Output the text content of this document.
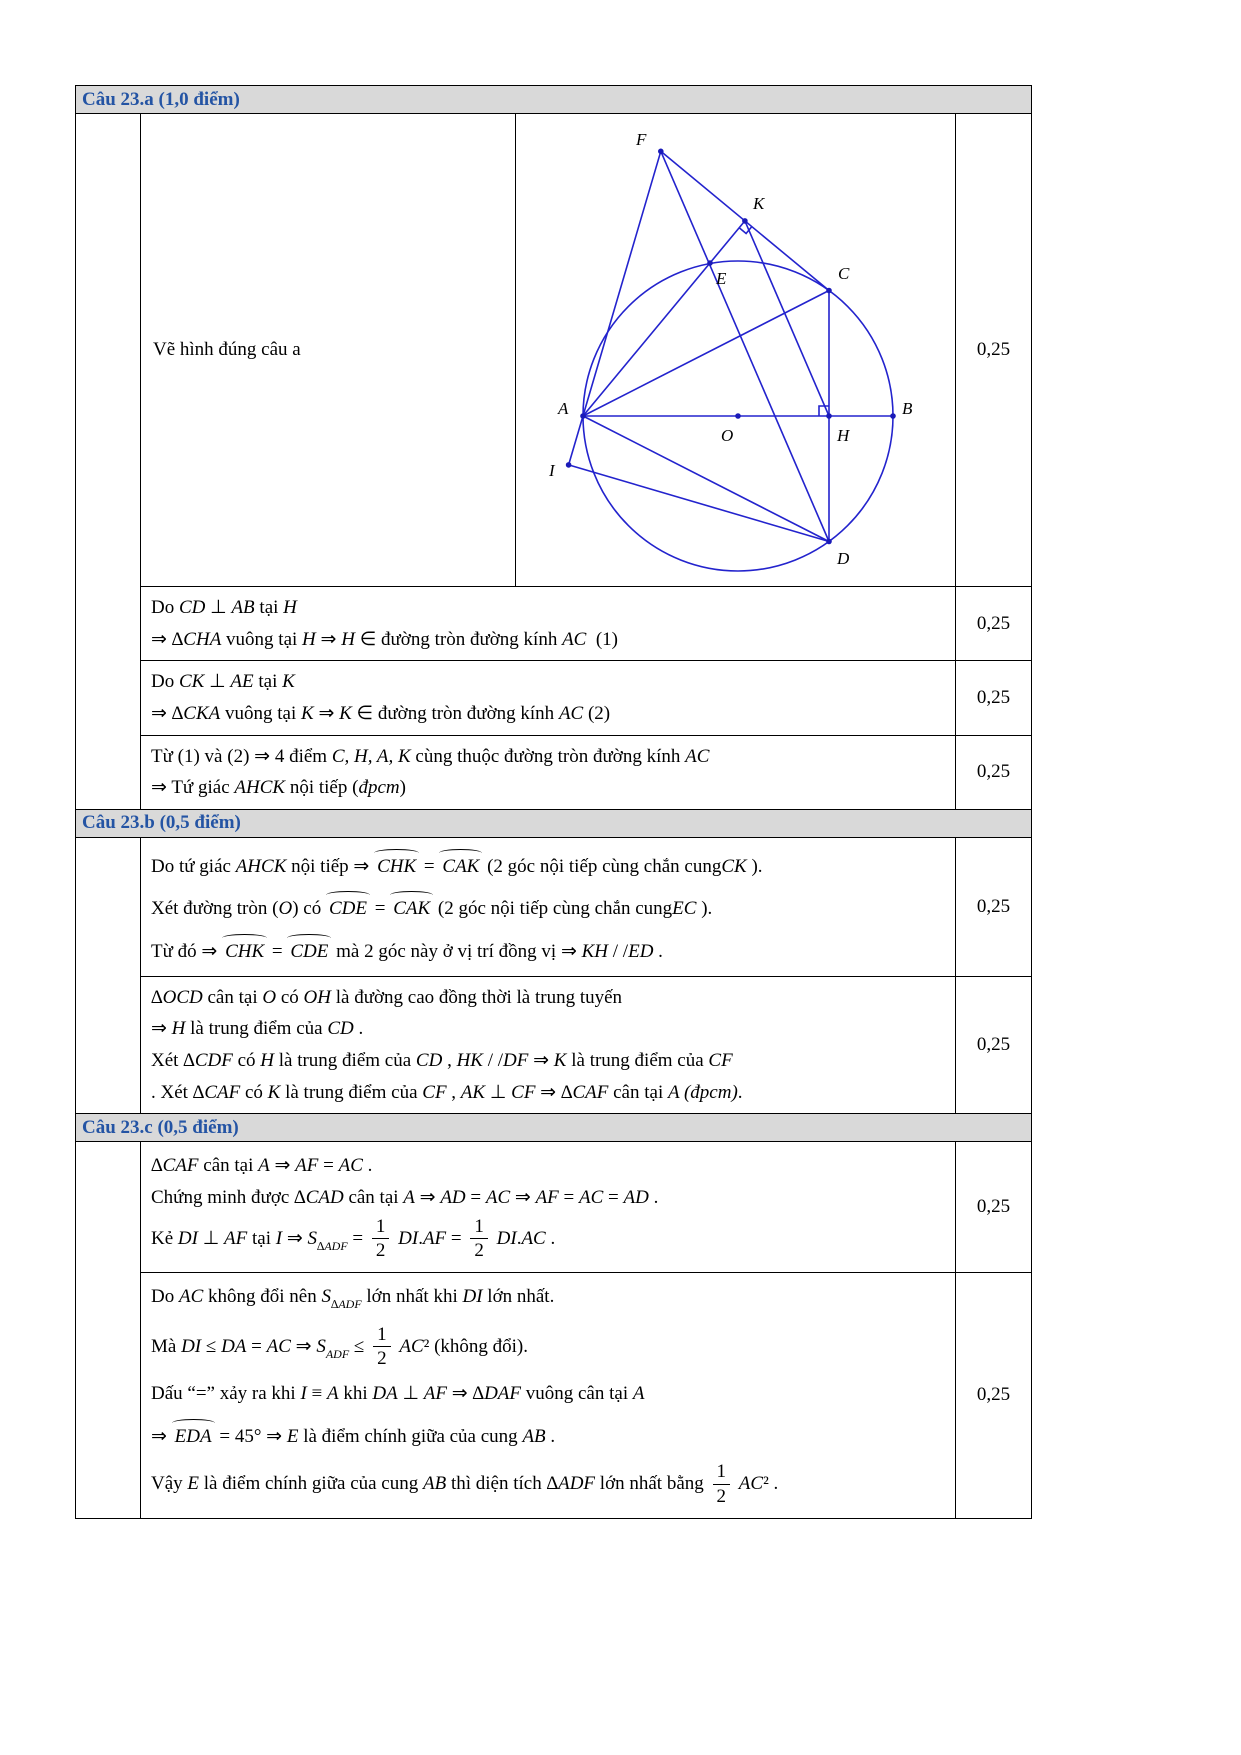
Câu 23.a (1,0 điểm)			
	Vẽ hình đúng câu a	
F
K
E	C
A
O	H
B
I
D
	0,25

	Do CD ⊥ AB tại H
⇒ ∆CHA vuông tại H ⇒ H ∈ đường tròn đường kính AC  (1)		0,25

	Do CK ⊥ AE tại K
⇒ ∆CKA vuông tại K ⇒ K ∈ đường tròn đường kính AC (2)		0,25

	Từ (1) và (2) ⇒ 4 điểm C, H, A, K cùng thuộc đường tròn đường kính AC
⇒ Tứ giác AHCK nội tiếp (đpcm)		0,25
Câu 23.b (0,5 điểm)			

	Do tứ giác AHCK nội tiếp ⇒ CHK = CAK (2 góc nội tiếp cùng chắn cungCK ).
Xét đường tròn (O) có CDE = CAK (2 góc nội tiếp cùng chắn cungEC ).
Từ đó ⇒ CHK = CDE mà 2 góc này ở vị trí đồng vị ⇒ KH / /ED .		0,25

	∆OCD cân tại O có OH là đường cao đồng thời là trung tuyến
⇒ H là trung điểm của CD .
Xét ∆CDF có H là trung điểm của CD , HK / /DF ⇒ K là trung điểm của CF
. Xét ∆CAF có K là trung điểm của CF , AK ⊥ CF ⇒ ∆CAF cân tại A (đpcm).		0,25
Câu 23.c (0,5 điểm)			

∆CAF cân tại A ⇒ AF = AC .
Chứng minh được ∆CAD cân tại A ⇒ AD = AC ⇒ AF = AC = AD .
Kẻ DI ⊥ AF tại I ⇒ $S_{\Delta ADF} = \frac{1}{2} DI.AF = \frac{1}{2} DI.AC$ .
	0,25

Do AC không đổi nên $S_{\Delta ADF}$ lớn nhất khi DI lớn nhất.
Mà DI ≤ DA = AC ⇒ $S_{ADF} \le \frac{1}{2} AC^2$ (không đổi).
Dấu “=” xảy ra khi I ≡ A khi DA ⊥ AF ⇒ ∆DAF vuông cân tại A
⇒ EDA = 45° ⇒ E là điểm chính giữa của cung AB .
Vậy E là điểm chính giữa của cung AB thì diện tích ∆ADF lớn nhất bằng $\frac{1}{2} AC^2$ .
	0,25
